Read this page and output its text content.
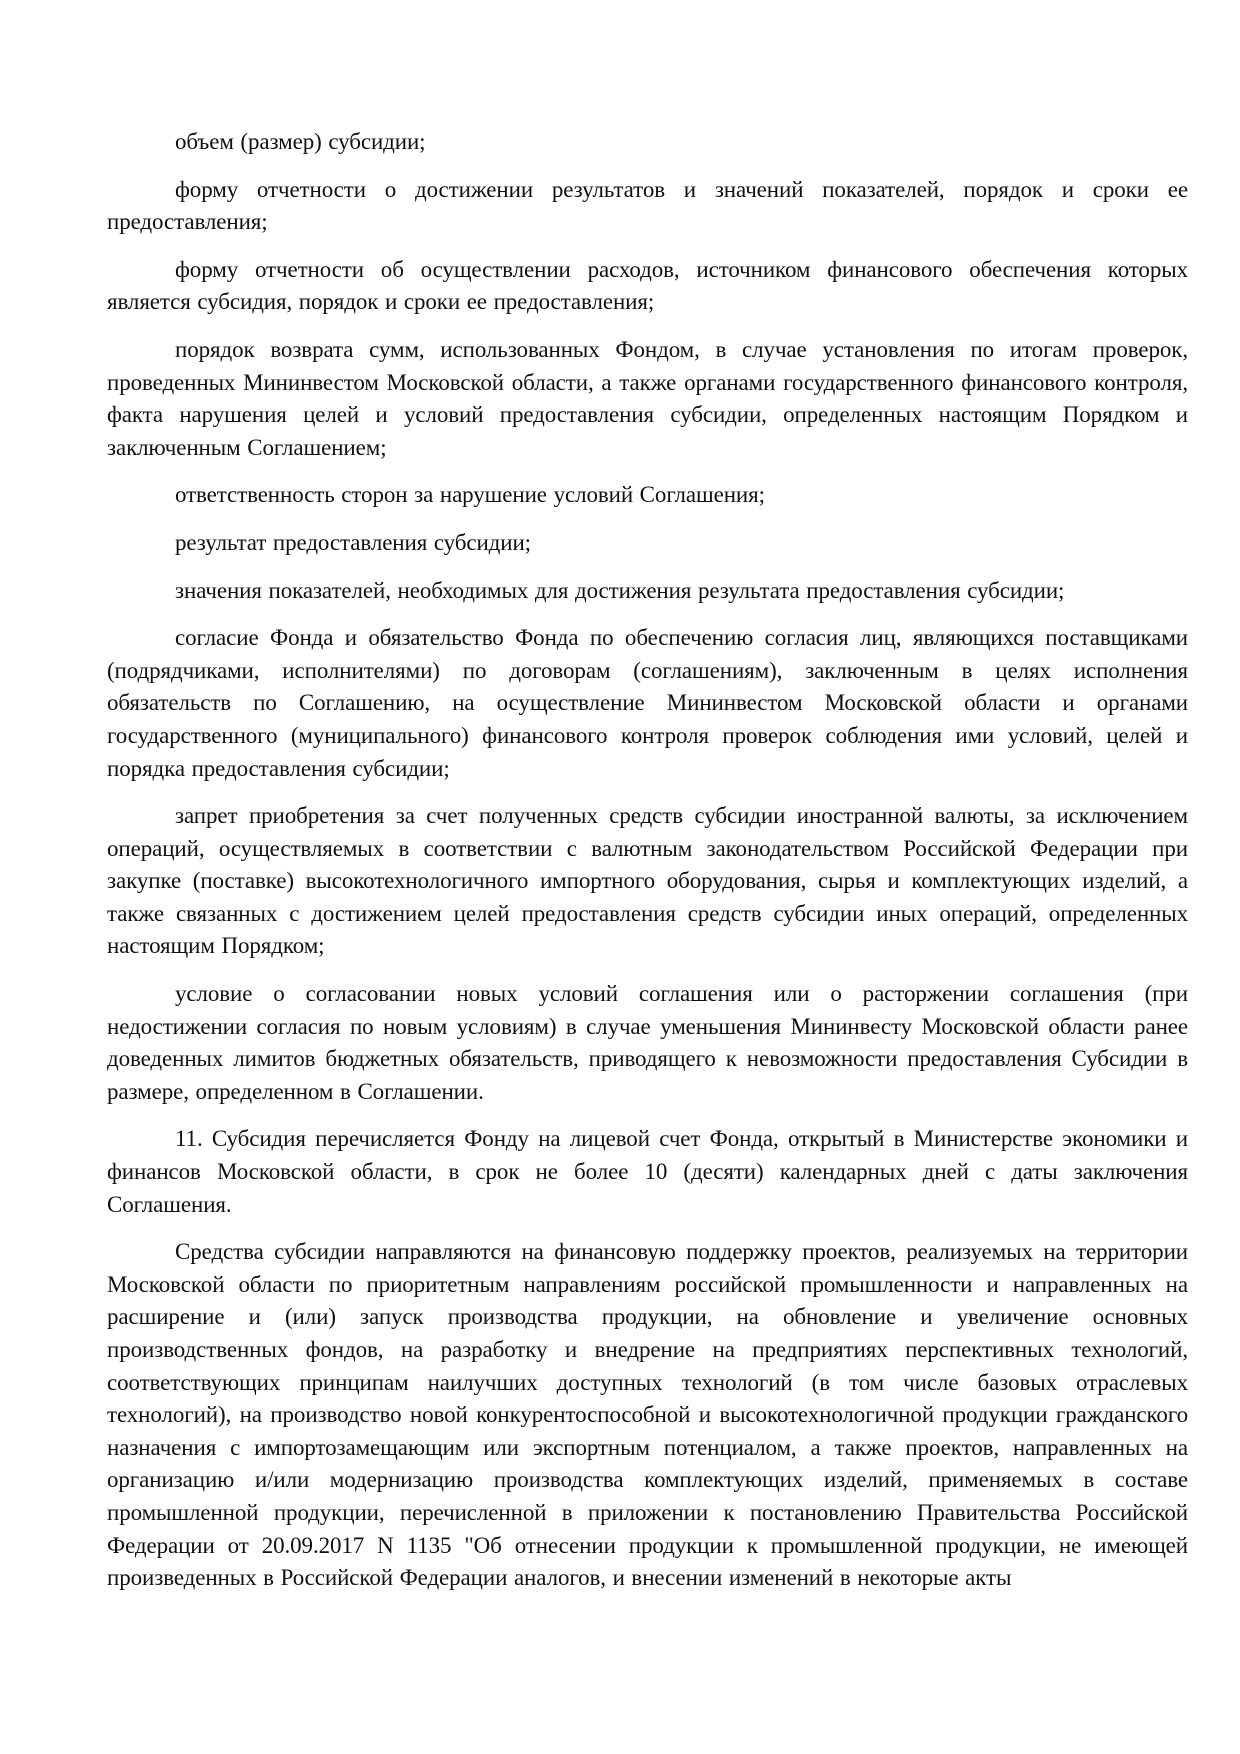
объем (размер) субсидии;

форму отчетности о достижении результатов и значений показателей, порядок и сроки ее предоставления;

форму отчетности об осуществлении расходов, источником финансового обеспечения которых является субсидия, порядок и сроки ее предоставления;

порядок возврата сумм, использованных Фондом, в случае установления по итогам проверок, проведенных Мининвестом Московской области, а также органами государственного финансового контроля, факта нарушения целей и условий предоставления субсидии, определенных настоящим Порядком и заключенным Соглашением;

ответственность сторон за нарушение условий Соглашения;

результат предоставления субсидии;

значения показателей, необходимых для достижения результата предоставления субсидии;

согласие Фонда и обязательство Фонда по обеспечению согласия лиц, являющихся поставщиками (подрядчиками, исполнителями) по договорам (соглашениям), заключенным в целях исполнения обязательств по Соглашению, на осуществление Мининвестом Московской области и органами государственного (муниципального) финансового контроля проверок соблюдения ими условий, целей и порядка предоставления субсидии;

запрет приобретения за счет полученных средств субсидии иностранной валюты, за исключением операций, осуществляемых в соответствии с валютным законодательством Российской Федерации при закупке (поставке) высокотехнологичного импортного оборудования, сырья и комплектующих изделий, а также связанных с достижением целей предоставления средств субсидии иных операций, определенных настоящим Порядком;

условие о согласовании новых условий соглашения или о расторжении соглашения (при недостижении согласия по новым условиям) в случае уменьшения Мининвесту Московской области ранее доведенных лимитов бюджетных обязательств, приводящего к невозможности предоставления Субсидии в размере, определенном в Соглашении.

11. Субсидия перечисляется Фонду на лицевой счет Фонда, открытый в Министерстве экономики и финансов Московской области, в срок не более 10 (десяти) календарных дней с даты заключения Соглашения.

Средства субсидии направляются на финансовую поддержку проектов, реализуемых на территории Московской области по приоритетным направлениям российской промышленности и направленных на расширение и (или) запуск производства продукции, на обновление и увеличение основных производственных фондов, на разработку и внедрение на предприятиях перспективных технологий, соответствующих принципам наилучших доступных технологий (в том числе базовых отраслевых технологий), на производство новой конкурентоспособной и высокотехнологичной продукции гражданского назначения с импортозамещающим или экспортным потенциалом, а также проектов, направленных на организацию и/или модернизацию производства комплектующих изделий, применяемых в составе промышленной продукции, перечисленной в приложении к постановлению Правительства Российской Федерации от 20.09.2017 N 1135 "Об отнесении продукции к промышленной продукции, не имеющей произведенных в Российской Федерации аналогов, и внесении изменений в некоторые акты
